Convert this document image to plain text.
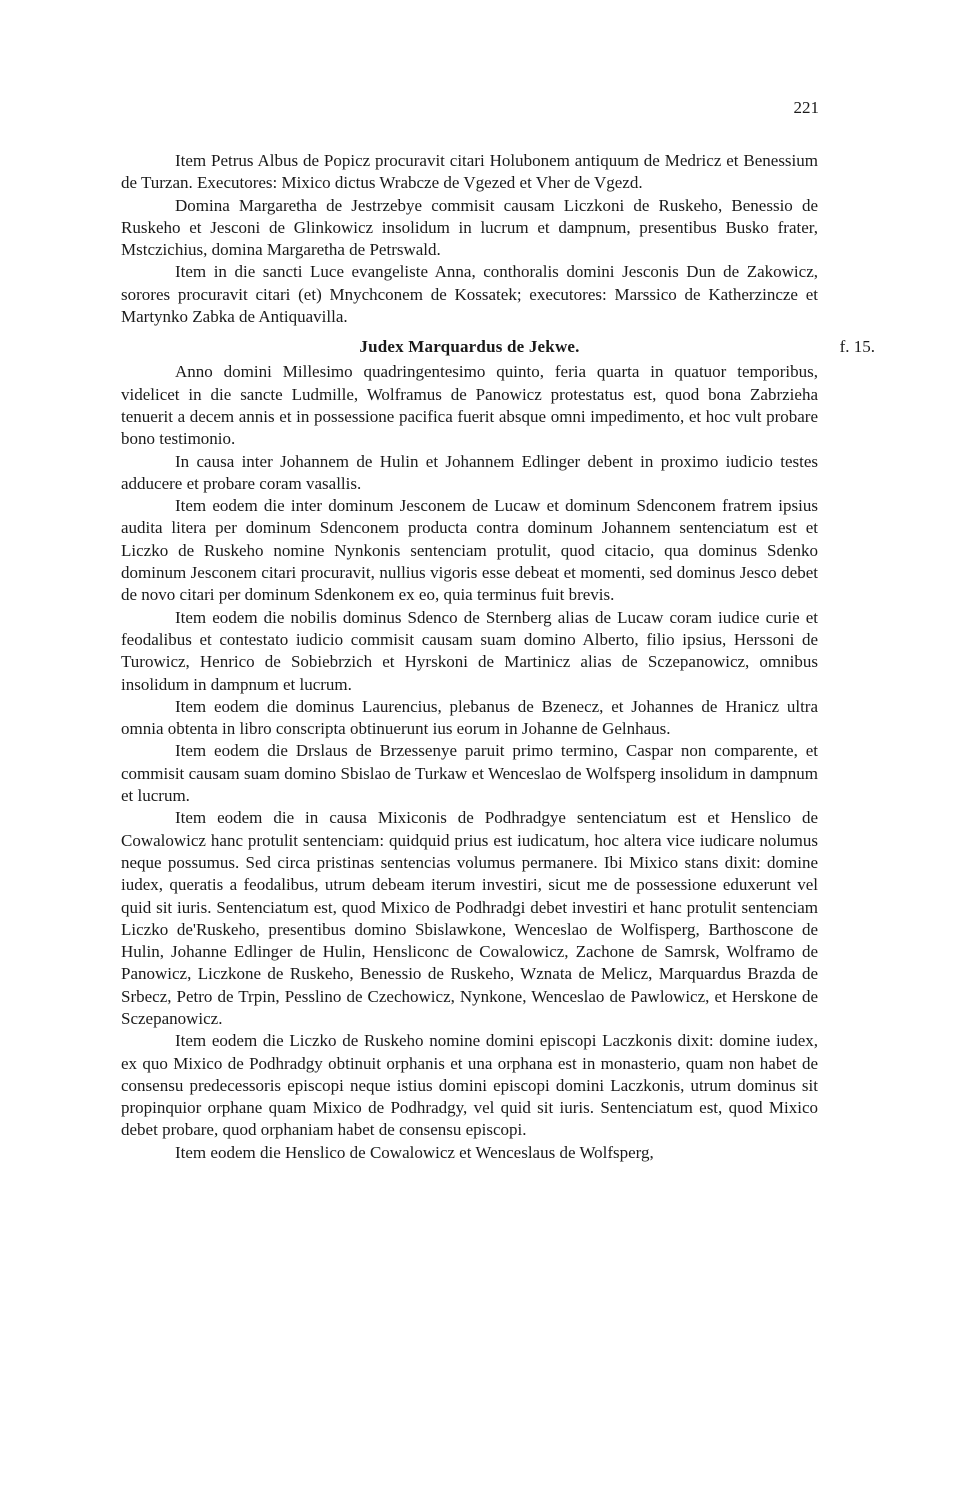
221

Item Petrus Albus de Popicz procuravit citari Holubonem antiquum de Medricz et Benessium de Turzan. Executores: Mixico dictus Wrabcze de Vgezed et Vher de Vgezd.

Domina Margaretha de Jestrzebye commisit causam Liczkoni de Ruskeho, Benessio de Ruskeho et Jesconi de Glinkowicz insolidum in lucrum et dampnum, presentibus Busko frater, Mstczichius, domina Margaretha de Petrswald.

Item in die sancti Luce evangeliste Anna, conthoralis domini Jesconis Dun de Zakowicz, sorores procuravit citari (et) Mnychconem de Kossatek; executores: Marssico de Katherzincze et Martynko Zabka de Antiquavilla.

Judex Marquardus de Jekwe.	f. 15.

Anno domini Millesimo quadringentesimo quinto, feria quarta in quatuor temporibus, videlicet in die sancte Ludmille, Wolframus de Panowicz protestatus est, quod bona Zabrzieha tenuerit a decem annis et in possessione pacifica fuerit absque omni impedimento, et hoc vult probare bono testimonio.

In causa inter Johannem de Hulin et Johannem Edlinger debent in proximo iudicio testes adducere et probare coram vasallis.

Item eodem die inter dominum Jesconem de Lucaw et dominum Sdenconem fratrem ipsius audita litera per dominum Sdenconem producta contra dominum Johannem sentenciatum est et Liczko de Ruskeho nomine Nynkonis sentenciam protulit, quod citacio, qua dominus Sdenko dominum Jesconem citari procuravit, nullius vigoris esse debeat et momenti, sed dominus Jesco debet de novo citari per dominum Sdenkonem ex eo, quia terminus fuit brevis.

Item eodem die nobilis dominus Sdenco de Sternberg alias de Lucaw coram iudice curie et feodalibus et contestato iudicio commisit causam suam domino Alberto, filio ipsius, Herssoni de Turowicz, Henrico de Sobiebrzich et Hyrskoni de Martinicz alias de Sczepanowicz, omnibus insolidum in dampnum et lucrum.

Item eodem die dominus Laurencius, plebanus de Bzenecz, et Johannes de Hranicz ultra omnia obtenta in libro conscripta obtinuerunt ius eorum in Johanne de Gelnhaus.

Item eodem die Drslaus de Brzessenye paruit primo termino, Caspar non comparente, et commisit causam suam domino Sbislao de Turkaw et Wenceslao de Wolfsperg insolidum in dampnum et lucrum.

Item eodem die in causa Mixiconis de Podhradgye sentenciatum est et Henslico de Cowalowicz hanc protulit sentenciam: quidquid prius est iudicatum, hoc altera vice iudicare nolumus neque possumus. Sed circa pristinas sentencias volumus permanere. Ibi Mixico stans dixit: domine iudex, queratis a feodalibus, utrum debeam iterum investiri, sicut me de possessione eduxerunt vel quid sit iuris. Sentenciatum est, quod Mixico de Podhradgi debet investiri et hanc protulit sentenciam Liczko de'Ruskeho, presentibus domino Sbislawkone, Wenceslao de Wolfisperg, Barthoscone de Hulin, Johanne Edlinger de Hulin, Hensliconc de Cowalowicz, Zachone de Samrsk, Wolframo de Panowicz, Liczkone de Ruskeho, Benessio de Ruskeho, Wznata de Melicz, Marquardus Brazda de Srbecz, Petro de Trpin, Pesslino de Czechowicz, Nynkone, Wenceslao de Pawlowicz, et Herskone de Sczepanowicz.

Item eodem die Liczko de Ruskeho nomine domini episcopi Laczkonis dixit: domine iudex, ex quo Mixico de Podhradgy obtinuit orphanis et una orphana est in monasterio, quam non habet de consensu predecessoris episcopi neque istius domini episcopi domini Laczkonis, utrum dominus sit propinquior orphane quam Mixico de Podhradgy, vel quid sit iuris. Sentenciatum est, quod Mixico debet probare, quod orphaniam habet de consensu episcopi.

Item eodem die Henslico de Cowalowicz et Wenceslaus de Wolfsperg,
